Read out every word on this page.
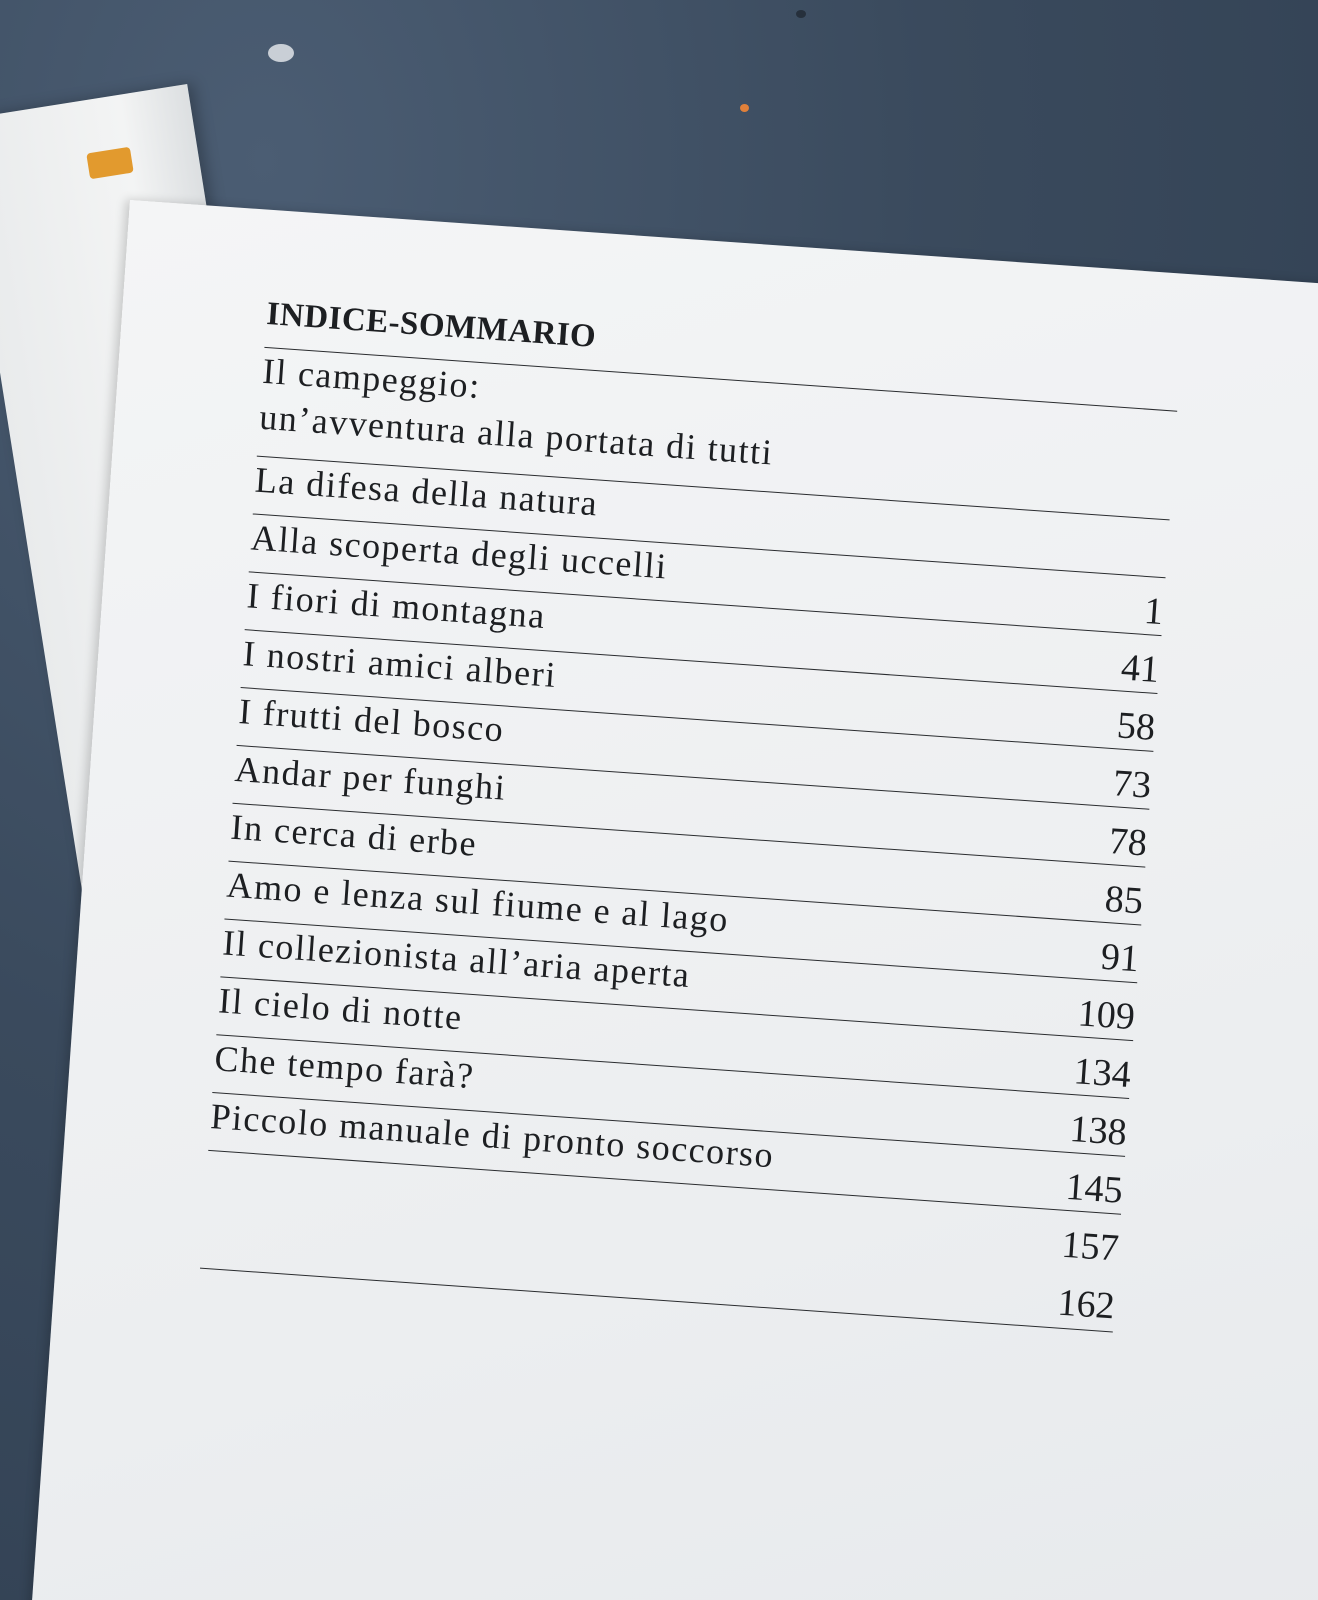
INDICE-SOMMARIO
Il campeggio:
un’avventura alla portata di tutti
La difesa della natura
1
Alla scoperta degli uccelli
41
I fiori di montagna
58
I nostri amici alberi
73
I frutti del bosco
78
Andar per funghi
85
In cerca di erbe
91
Amo e lenza sul fiume e al lago
109
Il collezionista all’aria aperta
134
Il cielo di notte
138
Che tempo farà?
145
Piccolo manuale di pronto soccorso
157
162
